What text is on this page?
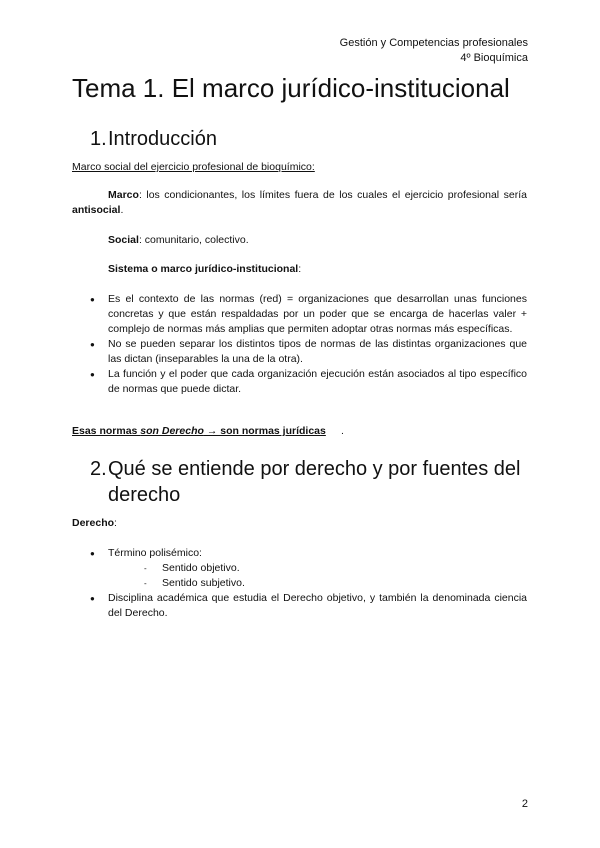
Gestión y Competencias profesionales
4º Bioquímica
Tema 1. El marco jurídico-institucional
1.Introducción
Marco social del ejercicio profesional de bioquímico:
Marco: los condicionantes, los límites fuera de los cuales el ejercicio profesional sería antisocial.
Social: comunitario, colectivo.
Sistema o marco jurídico-institucional:
● Es el contexto de las normas (red) = organizaciones que desarrollan unas funciones concretas y que están respaldadas por un poder que se encarga de hacerlas valer + complejo de normas más amplias que permiten adoptar otras normas más específicas.
● No se pueden separar los distintos tipos de normas de las distintas organizaciones que las dictan (inseparables la una de la otra).
● La función y el poder que cada organización ejecución están asociados al tipo específico de normas que puede dictar.
Esas normas son Derecho → son normas jurídicas .
2.Qué se entiende por derecho y por fuentes del
derecho
Derecho:
● Término polisémico:
- Sentido objetivo.
- Sentido subjetivo.
● Disciplina académica que estudia el Derecho objetivo, y también la denominada ciencia del Derecho.
2
